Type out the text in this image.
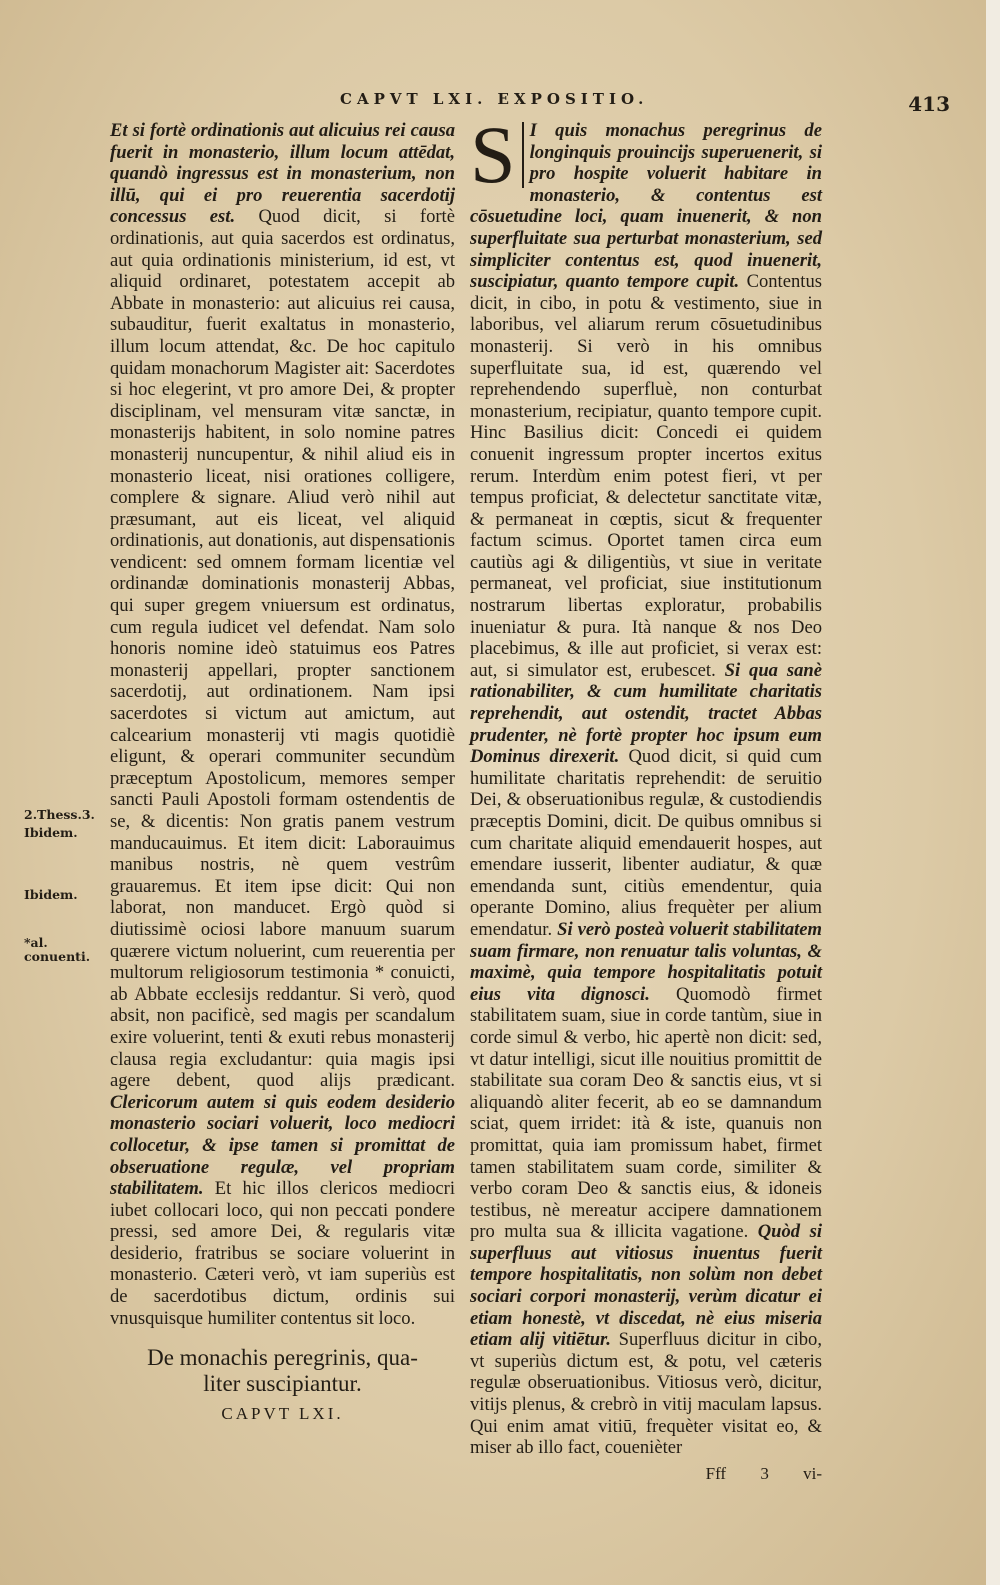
CAPVT LXI. EXPOSITIO.	413
2.Thess.3.
Ibidem.
Ibidem.
*al. conuenti.

Et si fortè ordinationis aut alicuius rei causa fuerit in monasterio, illum locum attēdat, quandò ingressus est in monasterium, non illū, qui ei pro reuerentia sacerdotij concessus est. Quod dicit, si fortè ordinationis, aut quia sacerdos est ordinatus, aut quia ordinationis ministerium, id est, vt aliquid ordinaret, potestatem accepit ab Abbate in monasterio: aut alicuius rei causa, subauditur, fuerit exaltatus in monasterio, illum locum attendat, &c. De hoc capitulo quidam monachorum Magister ait: Sacerdotes si hoc elegerint, vt pro amore Dei, & propter disciplinam, vel mensuram vitæ sanctæ, in monasterijs habitent, in solo nomine patres monasterij nuncupentur, & nihil aliud eis in monasterio liceat, nisi orationes colligere, complere & signare. Aliud verò nihil aut præsumant, aut eis liceat, vel aliquid ordinationis, aut donationis, aut dispensationis vendicent: sed omnem formam licentiæ vel ordinandæ dominationis monasterij Abbas, qui super gregem vniuersum est ordinatus, cum regula iudicet vel defendat. Nam solo honoris nomine ideò statuimus eos Patres monasterij appellari, propter sanctionem sacerdotij, aut ordinationem. Nam ipsi sacerdotes si victum aut amictum, aut calcearium monasterij vti magis quotidiè eligunt, & operari communiter secundùm præceptum Apostolicum, memores semper sancti Pauli Apostoli formam ostendentis de se, & dicentis: Non gratis panem vestrum manducauimus. Et item dicit: Laborauimus manibus nostris, nè quem vestrûm grauaremus. Et item ipse dicit: Qui non laborat, non manducet. Ergò quòd si diutissimè ociosi labore manuum suarum quærere victum noluerint, cum reuerentia per multorum religiosorum testimonia * conuicti, ab Abbate ecclesijs reddantur. Si verò, quod absit, non pacificè, sed magis per scandalum exire voluerint, tenti & exuti rebus monasterij clausa regia excludantur: quia magis ipsi agere debent, quod alijs prædicant. Clericorum autem si quis eodem desiderio monasterio sociari voluerit, loco mediocri collocetur, & ipse tamen si promittat de obseruatione regulæ, vel propriam stabilitatem. Et hic illos clericos mediocri iubet collocari loco, qui non peccati pondere pressi, sed amore Dei, & regularis vitæ desiderio, fratribus se sociare voluerint in monasterio. Cæteri verò, vt iam superiùs est de sacerdotibus dictum, ordinis sui vnusquisque humiliter contentus sit loco.

De monachis peregrinis, qua-
liter suscipiantur.
CAPVT LXI.

S I quis monachus peregrinus de longinquis prouincijs superuenerit, si pro hospite voluerit habitare in monasterio, & contentus est cōsuetudine loci, quam inuenerit, & non superfluitate sua perturbat monasterium, sed simpliciter contentus est, quod inuenerit, suscipiatur, quanto tempore cupit. Contentus dicit, in cibo, in potu & vestimento, siue in laboribus, vel aliarum rerum cōsuetudinibus monasterij. Si verò in his omnibus superfluitate sua, id est, quærendo vel reprehendendo superfluè, non conturbat monasterium, recipiatur, quanto tempore cupit. Hinc Basilius dicit: Concedi ei quidem conuenit ingressum propter incertos exitus rerum. Interdùm enim potest fieri, vt per tempus proficiat, & delectetur sanctitate vitæ, & permaneat in cœptis, sicut & frequenter factum scimus. Oportet tamen circa eum cautiùs agi & diligentiùs, vt siue in veritate permaneat, vel proficiat, siue institutionum nostrarum libertas exploratur, probabilis inueniatur & pura. Ità nanque & nos Deo placebimus, & ille aut proficiet, si verax est: aut, si simulator est, erubescet. Si qua sanè rationabiliter, & cum humilitate charitatis reprehendit, aut ostendit, tractet Abbas prudenter, nè fortè propter hoc ipsum eum Dominus direxerit. Quod dicit, si quid cum humilitate charitatis reprehendit: de seruitio Dei, & obseruationibus regulæ, & custodiendis præceptis Domini, dicit. De quibus omnibus si cum charitate aliquid emendauerit hospes, aut emendare iusserit, libenter audiatur, & quæ emendanda sunt, citiùs emendentur, quia operante Domino, alius frequèter per alium emendatur. Si verò posteà voluerit stabilitatem suam firmare, non renuatur talis voluntas, & maximè, quia tempore hospitalitatis potuit eius vita dignosci. Quomodò firmet stabilitatem suam, siue in corde tantùm, siue in corde simul & verbo, hic apertè non dicit: sed, vt datur intelligi, sicut ille nouitius promittit de stabilitate sua coram Deo & sanctis eius, vt si aliquandò aliter fecerit, ab eo se damnandum sciat, quem irridet: ità & iste, quanuis non promittat, quia iam promissum habet, firmet tamen stabilitatem suam corde, similiter & verbo coram Deo & sanctis eius, & idoneis testibus, nè mereatur accipere damnationem pro multa sua & illicita vagatione. Quòd si superfluus aut vitiosus inuentus fuerit tempore hospitalitatis, non solùm non debet sociari corpori monasterij, verùm dicatur ei etiam honestè, vt discedat, nè eius miseria etiam alij vitiētur. Superfluus dicitur in cibo, vt superiùs dictum est, & potu, vel cæteris regulæ obseruationibus. Vitiosus verò, dicitur, vitijs plenus, & crebrò in vitij maculam lapsus. Qui enim amat vitiū, frequèter visitat eo, & miser ab illo fact, couenièter

Fff 3 vi-
